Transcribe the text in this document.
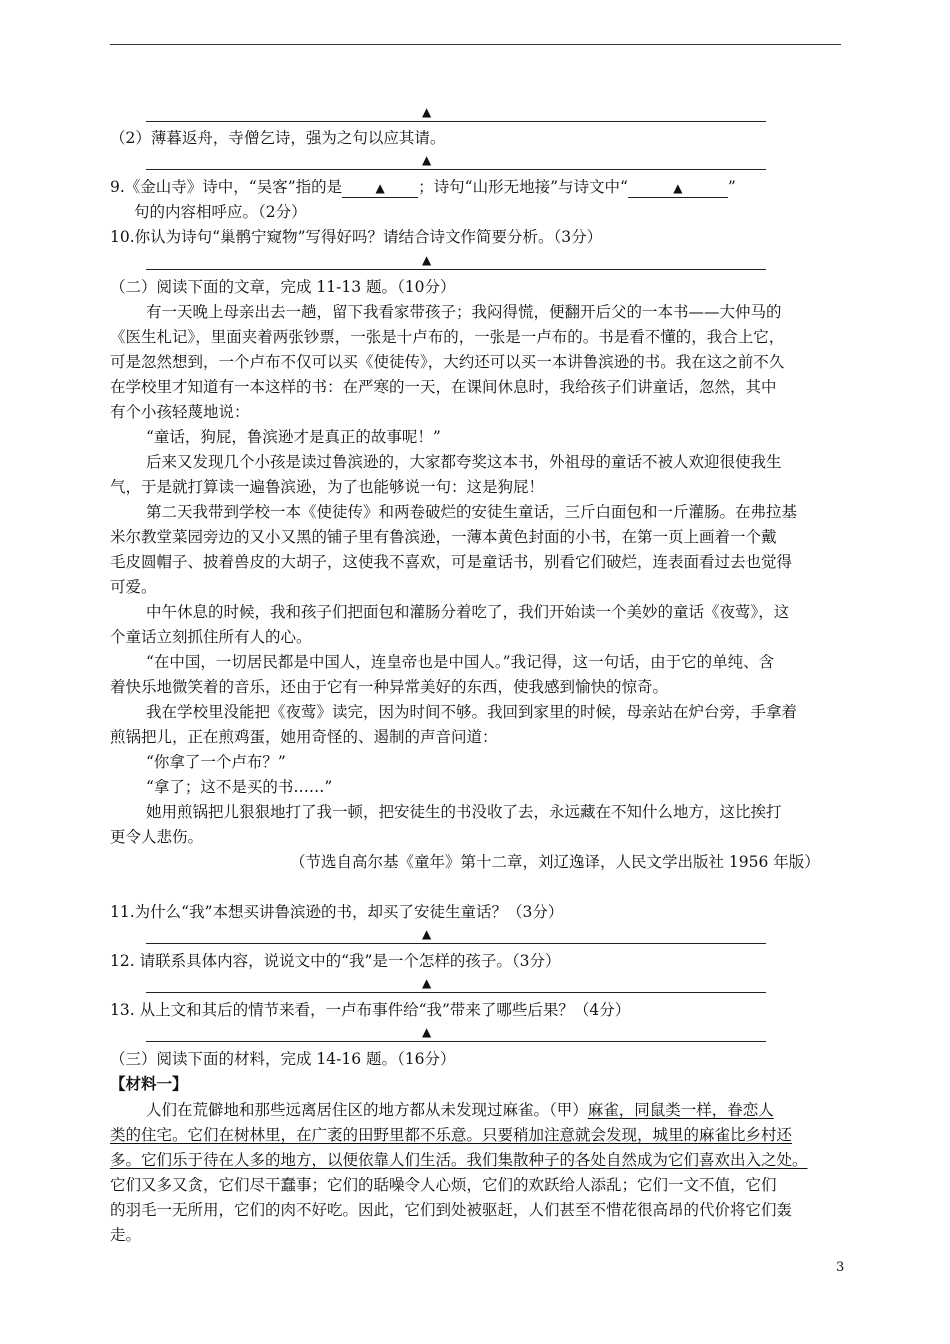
▲
（2）薄暮返舟，寺僧乞诗，强为之句以应其请。
▲
9.《金山寺》诗中，“吴客”指的是	▲ ；诗句“山形无地接”与诗文中“	▲	”
句的内容相呼应。（2分）
10.你认为诗句“巢鹘宁窥物”写得好吗？请结合诗文作简要分析。（3分）
▲
（二）阅读下面的文章，完成 11-13 题。（10分）
有一天晚上母亲出去一趟，留下我看家带孩子；我闷得慌，便翻开后父的一本书——大仲马的
《医生札记》，里面夹着两张钞票，一张是十卢布的，一张是一卢布的。书是看不懂的，我合上它，
可是忽然想到，一个卢布不仅可以买《使徒传》，大约还可以买一本讲鲁滨逊的书。我在这之前不久
在学校里才知道有一本这样的书：在严寒的一天，在课间休息时，我给孩子们讲童话，忽然，其中
有个小孩轻蔑地说：
“童话，狗屁，鲁滨逊才是真正的故事呢！”
后来又发现几个小孩是读过鲁滨逊的，大家都夸奖这本书，外祖母的童话不被人欢迎很使我生
气，于是就打算读一遍鲁滨逊，为了也能够说一句：这是狗屁！
第二天我带到学校一本《使徒传》和两卷破烂的安徒生童话，三斤白面包和一斤灌肠。在弗拉基
米尔教堂菜园旁边的又小又黑的铺子里有鲁滨逊，一薄本黄色封面的小书，在第一页上画着一个戴
毛皮圆帽子、披着兽皮的大胡子，这使我不喜欢，可是童话书，别看它们破烂，连表面看过去也觉得
可爱。
中午休息的时候，我和孩子们把面包和灌肠分着吃了，我们开始读一个美妙的童话《夜莺》，这
个童话立刻抓住所有人的心。
“在中国，一切居民都是中国人，连皇帝也是中国人。”我记得，这一句话，由于它的单纯、含
着快乐地微笑着的音乐，还由于它有一种异常美好的东西，使我感到愉快的惊奇。
我在学校里没能把《夜莺》读完，因为时间不够。我回到家里的时候，母亲站在炉台旁，手拿着
煎锅把儿，正在煎鸡蛋，她用奇怪的、遏制的声音问道：
“你拿了一个卢布？”
“拿了；这不是买的书……”
她用煎锅把儿狠狠地打了我一顿，把安徒生的书没收了去，永远藏在不知什么地方，这比挨打
更令人悲伤。
（节选自高尔基《童年》第十二章，刘辽逸译，人民文学出版社 1956 年版）
11.为什么“我”本想买讲鲁滨逊的书，却买了安徒生童话？（3分）
▲
12. 请联系具体内容，说说文中的“我”是一个怎样的孩子。（3分）
▲
13. 从上文和其后的情节来看，一卢布事件给“我”带来了哪些后果？（4分）
▲
（三）阅读下面的材料，完成 14-16 题。（16分）
【材料一】
人们在荒僻地和那些远离居住区的地方都从未发现过麻雀。（甲）麻雀，同鼠类一样，眷恋人
类的住宅。它们在树林里，在广袤的田野里都不乐意。只要稍加注意就会发现，城里的麻雀比乡村还
多。它们乐于待在人多的地方，以便依靠人们生活。我们集散种子的各处自然成为它们喜欢出入之处。
它们又多又贪，它们尽干蠢事；它们的聒噪令人心烦，它们的欢跃给人添乱；它们一文不值，它们
的羽毛一无所用，它们的肉不好吃。因此，它们到处被驱赶，人们甚至不惜花很高昂的代价将它们轰
走。
3
